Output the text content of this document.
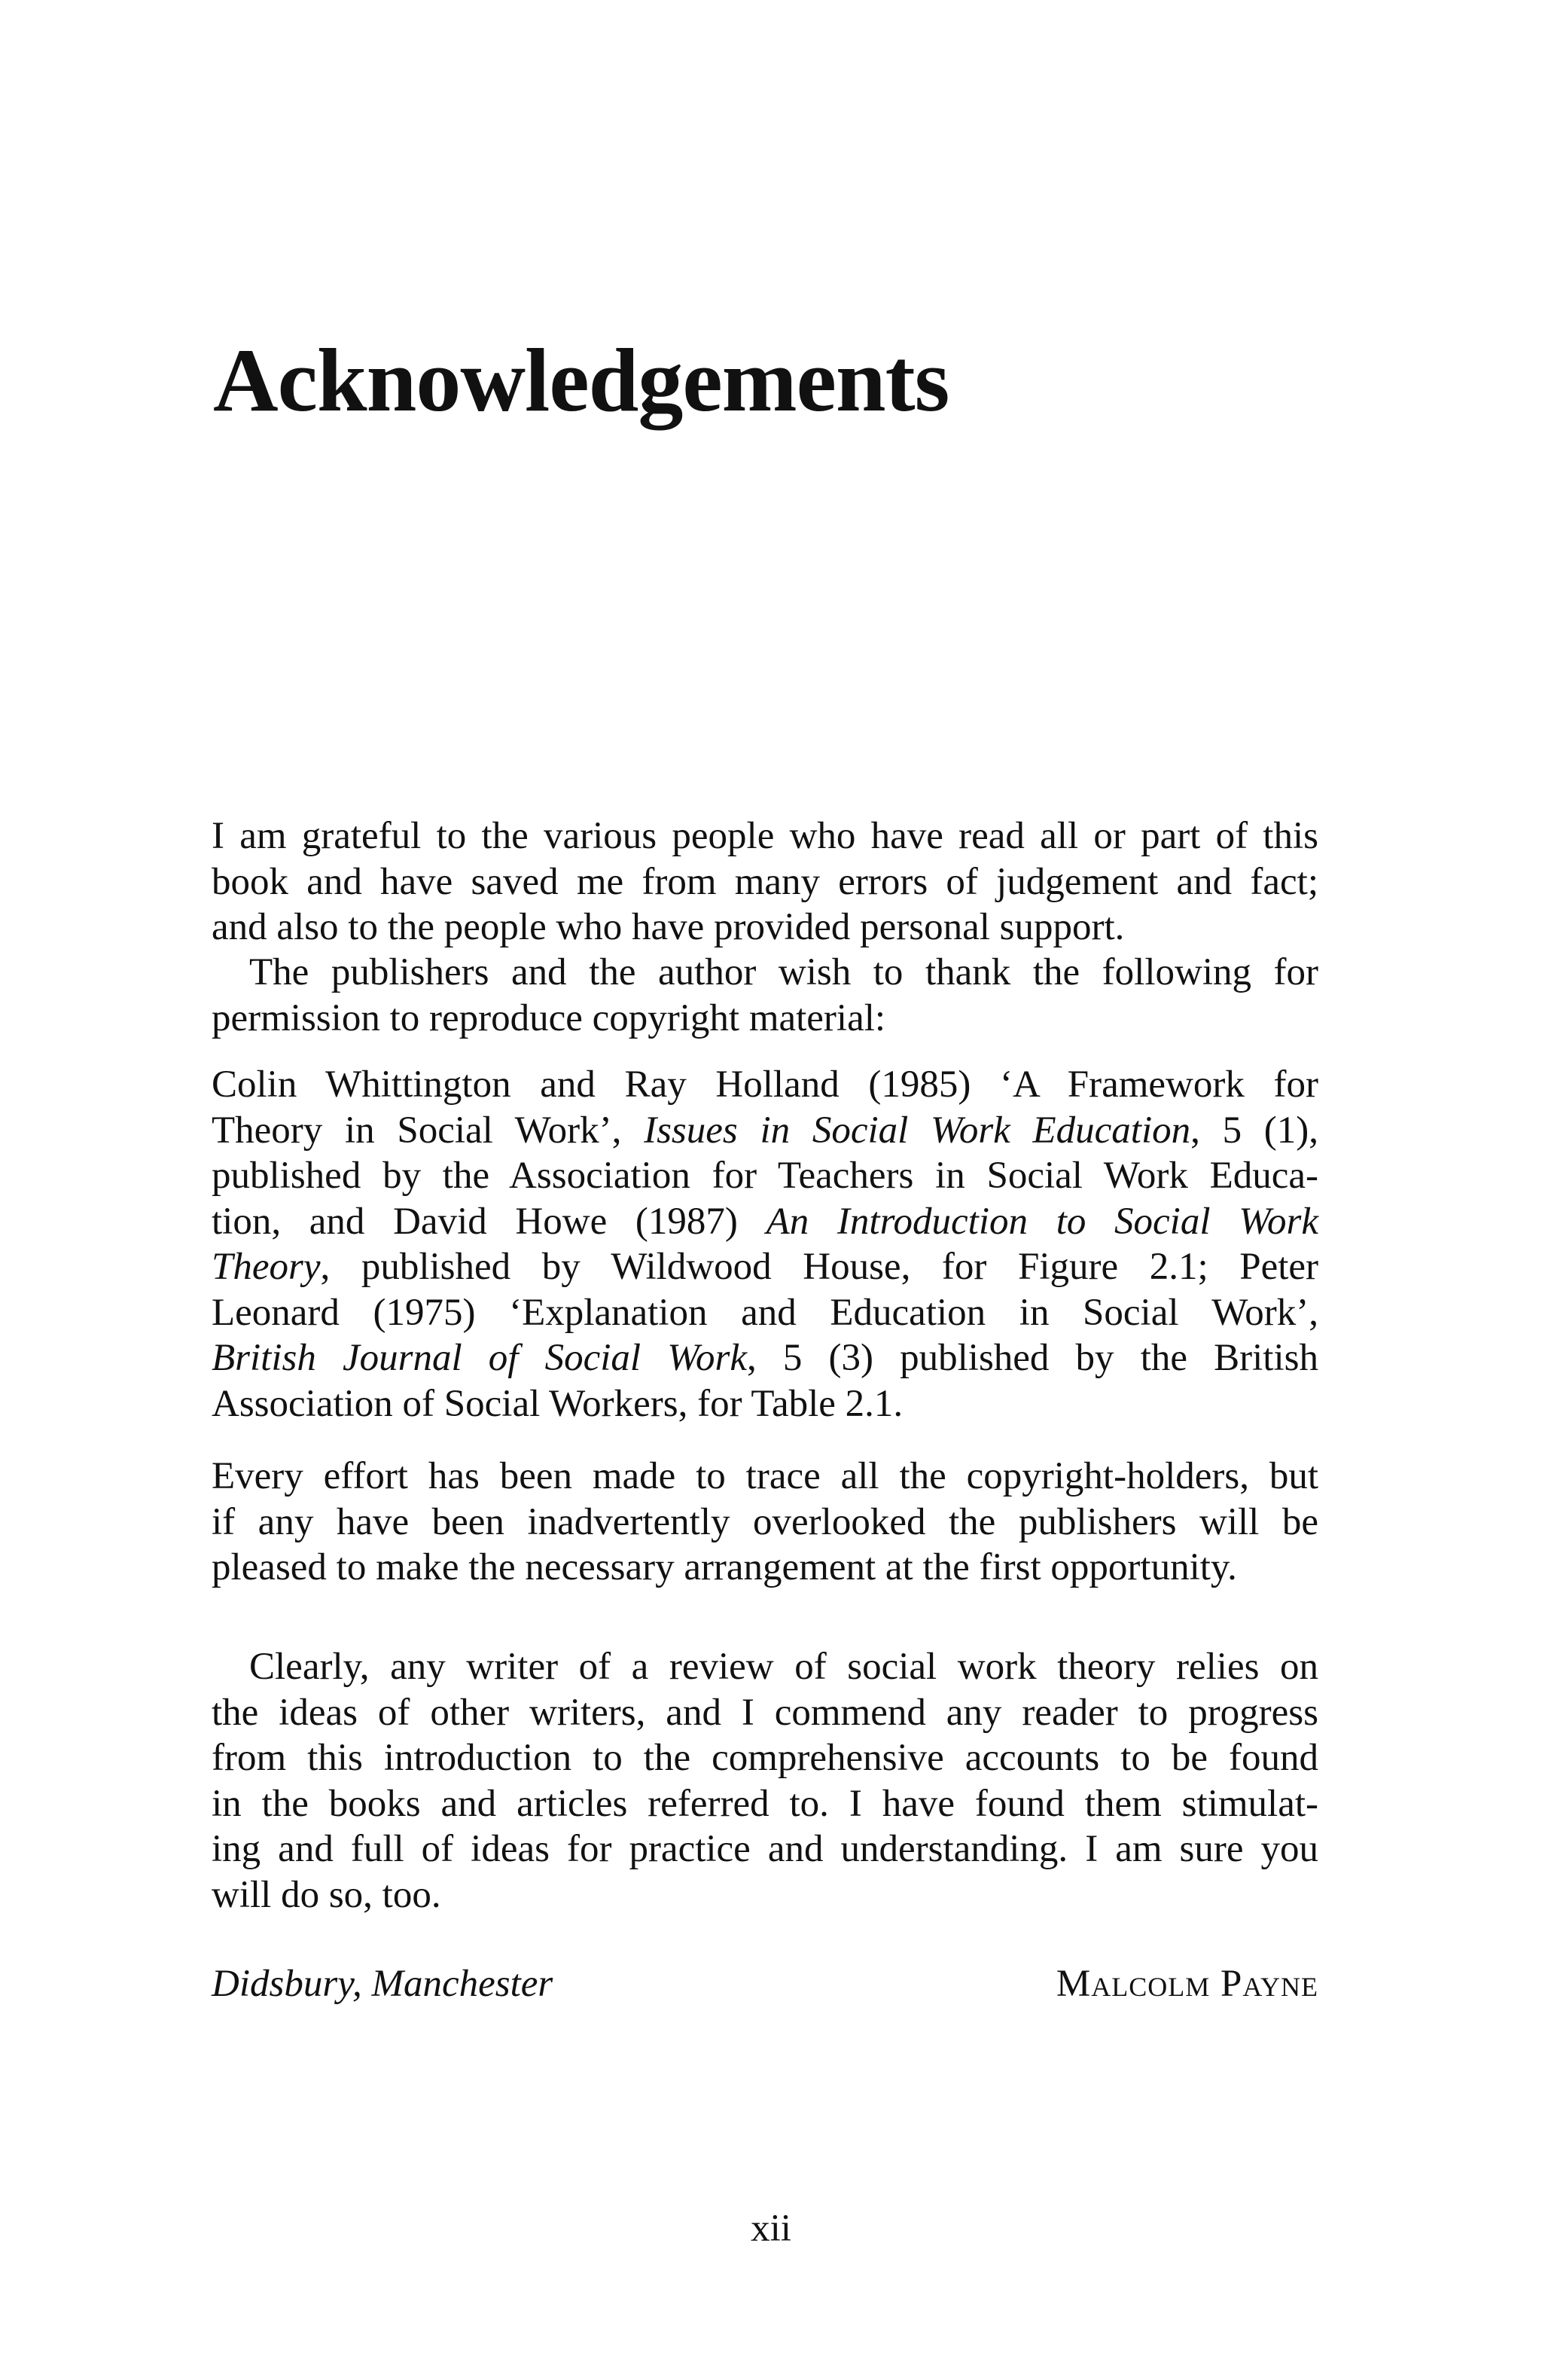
Acknowledgements
I am grateful to the various people who have read all or part of this
book and have saved me from many errors of judgement and fact;
and also to the people who have provided personal support.
The publishers and the author wish to thank the following for
permission to reproduce copyright material:
Colin Whittington and Ray Holland (1985) ‘A Framework for
Theory in Social Work’, Issues in Social Work Education, 5 (1),
published by the Association for Teachers in Social Work Educa-
tion, and David Howe (1987) An Introduction to Social Work
Theory, published by Wildwood House, for Figure 2.1; Peter
Leonard (1975) ‘Explanation and Education in Social Work’,
British Journal of Social Work, 5 (3) published by the British
Association of Social Workers, for Table 2.1.
Every effort has been made to trace all the copyright-holders, but
if any have been inadvertently overlooked the publishers will be
pleased to make the necessary arrangement at the first opportunity.
Clearly, any writer of a review of social work theory relies on
the ideas of other writers, and I commend any reader to progress
from this introduction to the comprehensive accounts to be found
in the books and articles referred to. I have found them stimulat-
ing and full of ideas for practice and understanding. I am sure you
will do so, too.
Didsbury, Manchester	Malcolm Payne
xii
